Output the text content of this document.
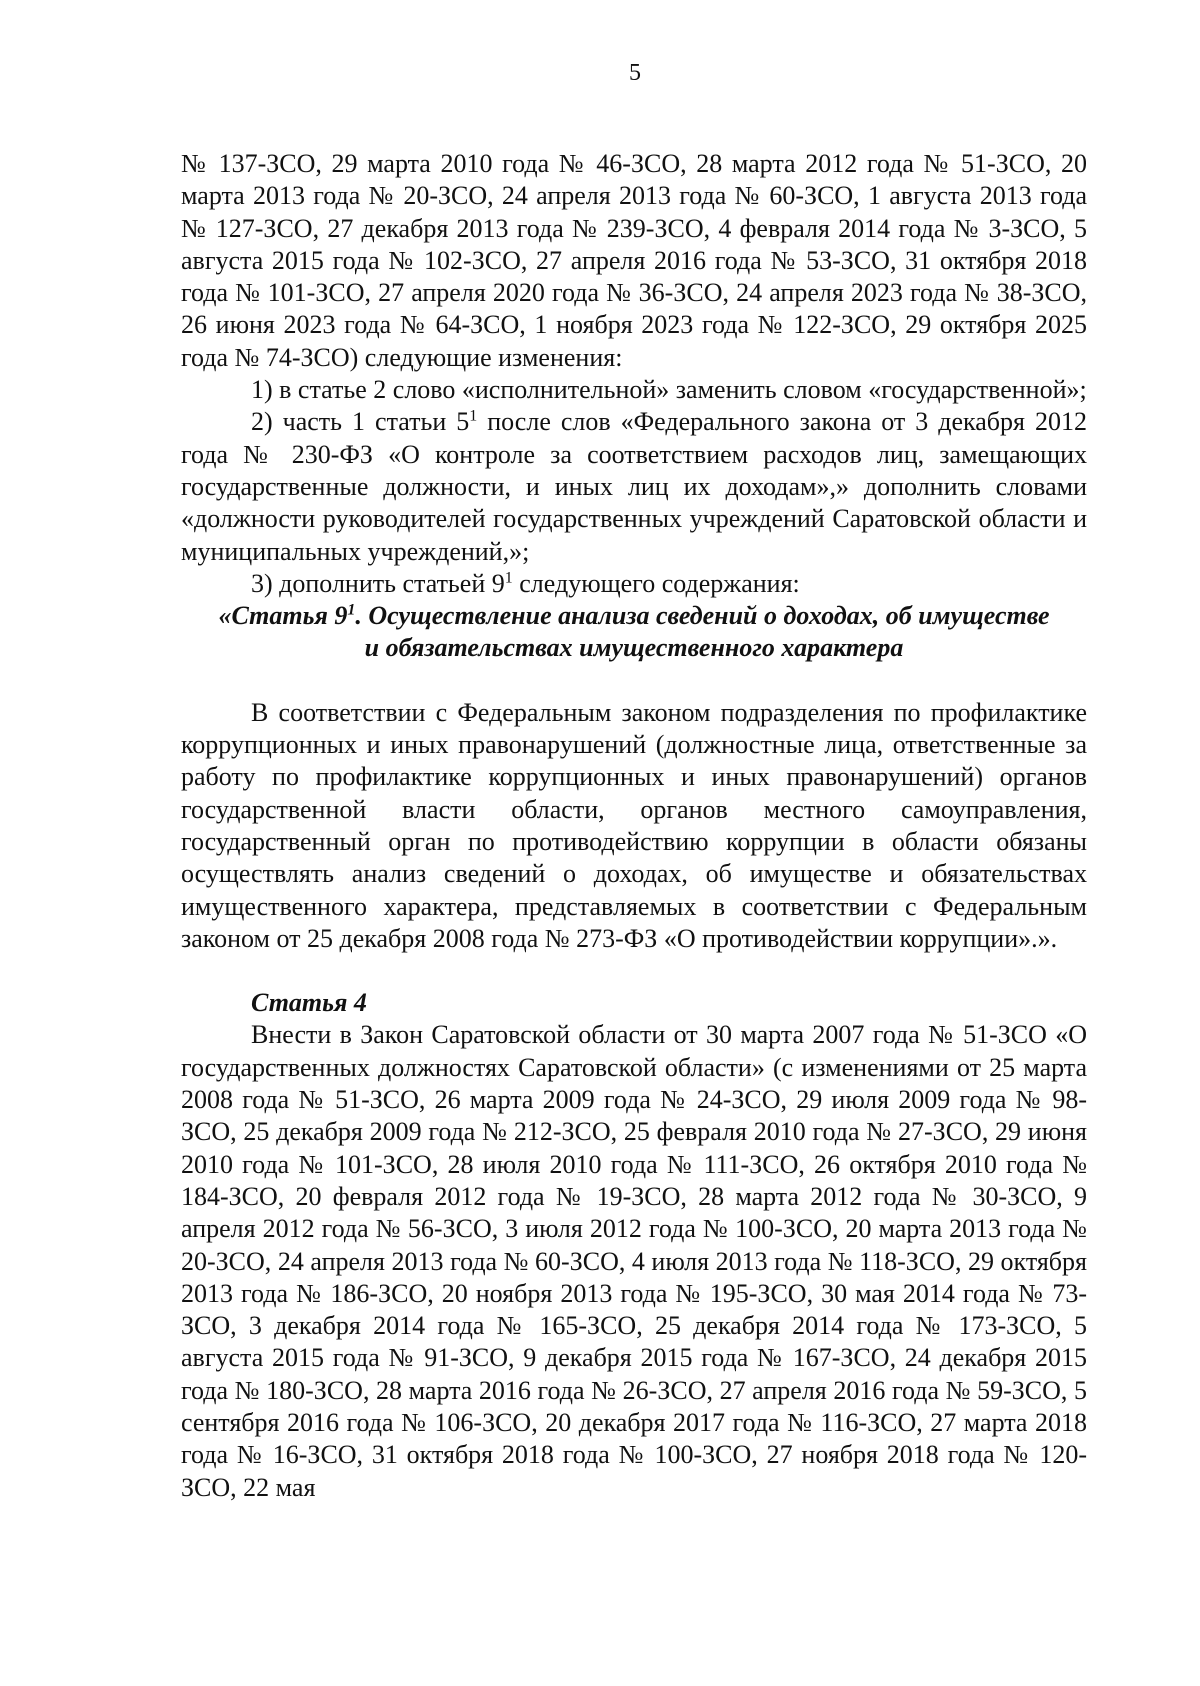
5

№ 137-ЗСО, 29 марта 2010 года № 46-ЗСО, 28 марта 2012 года № 51-ЗСО, 20 марта 2013 года № 20-ЗСО, 24 апреля 2013 года № 60-ЗСО, 1 августа 2013 года № 127-ЗСО, 27 декабря 2013 года № 239-ЗСО, 4 февраля 2014 года № 3-ЗСО, 5 августа 2015 года № 102-ЗСО, 27 апреля 2016 года № 53-ЗСО, 31 октября 2018 года № 101-ЗСО, 27 апреля 2020 года № 36-ЗСО, 24 апреля 2023 года № 38-ЗСО, 26 июня 2023 года № 64-ЗСО, 1 ноября 2023 года № 122-ЗСО, 29 октября 2025 года № 74-ЗСО) следующие изменения:

1) в статье 2 слово «исполнительной» заменить словом «государственной»;

2) часть 1 статьи $5^1$ после слов «Федерального закона от 3 декабря 2012 года № 230-ФЗ «О контроле за соответствием расходов лиц, замещающих государственные должности, и иных лиц их доходам»,» дополнить словами «должности руководителей государственных учреждений Саратовской области и муниципальных учреждений,»;

3) дополнить статьей $9^1$ следующего содержания:

«Статья $9^1$. Осуществление анализа сведений о доходах, об имуществе
и обязательствах имущественного характера

В соответствии с Федеральным законом подразделения по профилактике коррупционных и иных правонарушений (должностные лица, ответственные за работу по профилактике коррупционных и иных правонарушений) органов государственной власти области, органов местного самоуправления, государственный орган по противодействию коррупции в области обязаны осуществлять анализ сведений о доходах, об имуществе и обязательствах имущественного характера, представляемых в соответствии с Федеральным законом от 25 декабря 2008 года № 273-ФЗ «О противодействии коррупции».».

Статья 4

Внести в Закон Саратовской области от 30 марта 2007 года № 51-ЗСО «О государственных должностях Саратовской области» (с изменениями от 25 марта 2008 года № 51-ЗСО, 26 марта 2009 года № 24-ЗСО, 29 июля 2009 года № 98-ЗСО, 25 декабря 2009 года № 212-ЗСО, 25 февраля 2010 года № 27-ЗСО, 29 июня 2010 года № 101-ЗСО, 28 июля 2010 года № 111-ЗСО, 26 октября 2010 года № 184-ЗСО, 20 февраля 2012 года № 19-ЗСО, 28 марта 2012 года № 30-ЗСО, 9 апреля 2012 года № 56-ЗСО, 3 июля 2012 года № 100-ЗСО, 20 марта 2013 года № 20-ЗСО, 24 апреля 2013 года № 60-ЗСО, 4 июля 2013 года № 118-ЗСО, 29 октября 2013 года № 186-ЗСО, 20 ноября 2013 года № 195-ЗСО, 30 мая 2014 года № 73-ЗСО, 3 декабря 2014 года № 165-ЗСО, 25 декабря 2014 года № 173-ЗСО, 5 августа 2015 года № 91-ЗСО, 9 декабря 2015 года № 167-ЗСО, 24 декабря 2015 года № 180-ЗСО, 28 марта 2016 года № 26-ЗСО, 27 апреля 2016 года № 59-ЗСО, 5 сентября 2016 года № 106-ЗСО, 20 декабря 2017 года № 116-ЗСО, 27 марта 2018 года № 16-ЗСО, 31 октября 2018 года № 100-ЗСО, 27 ноября 2018 года № 120-ЗСО, 22 мая
